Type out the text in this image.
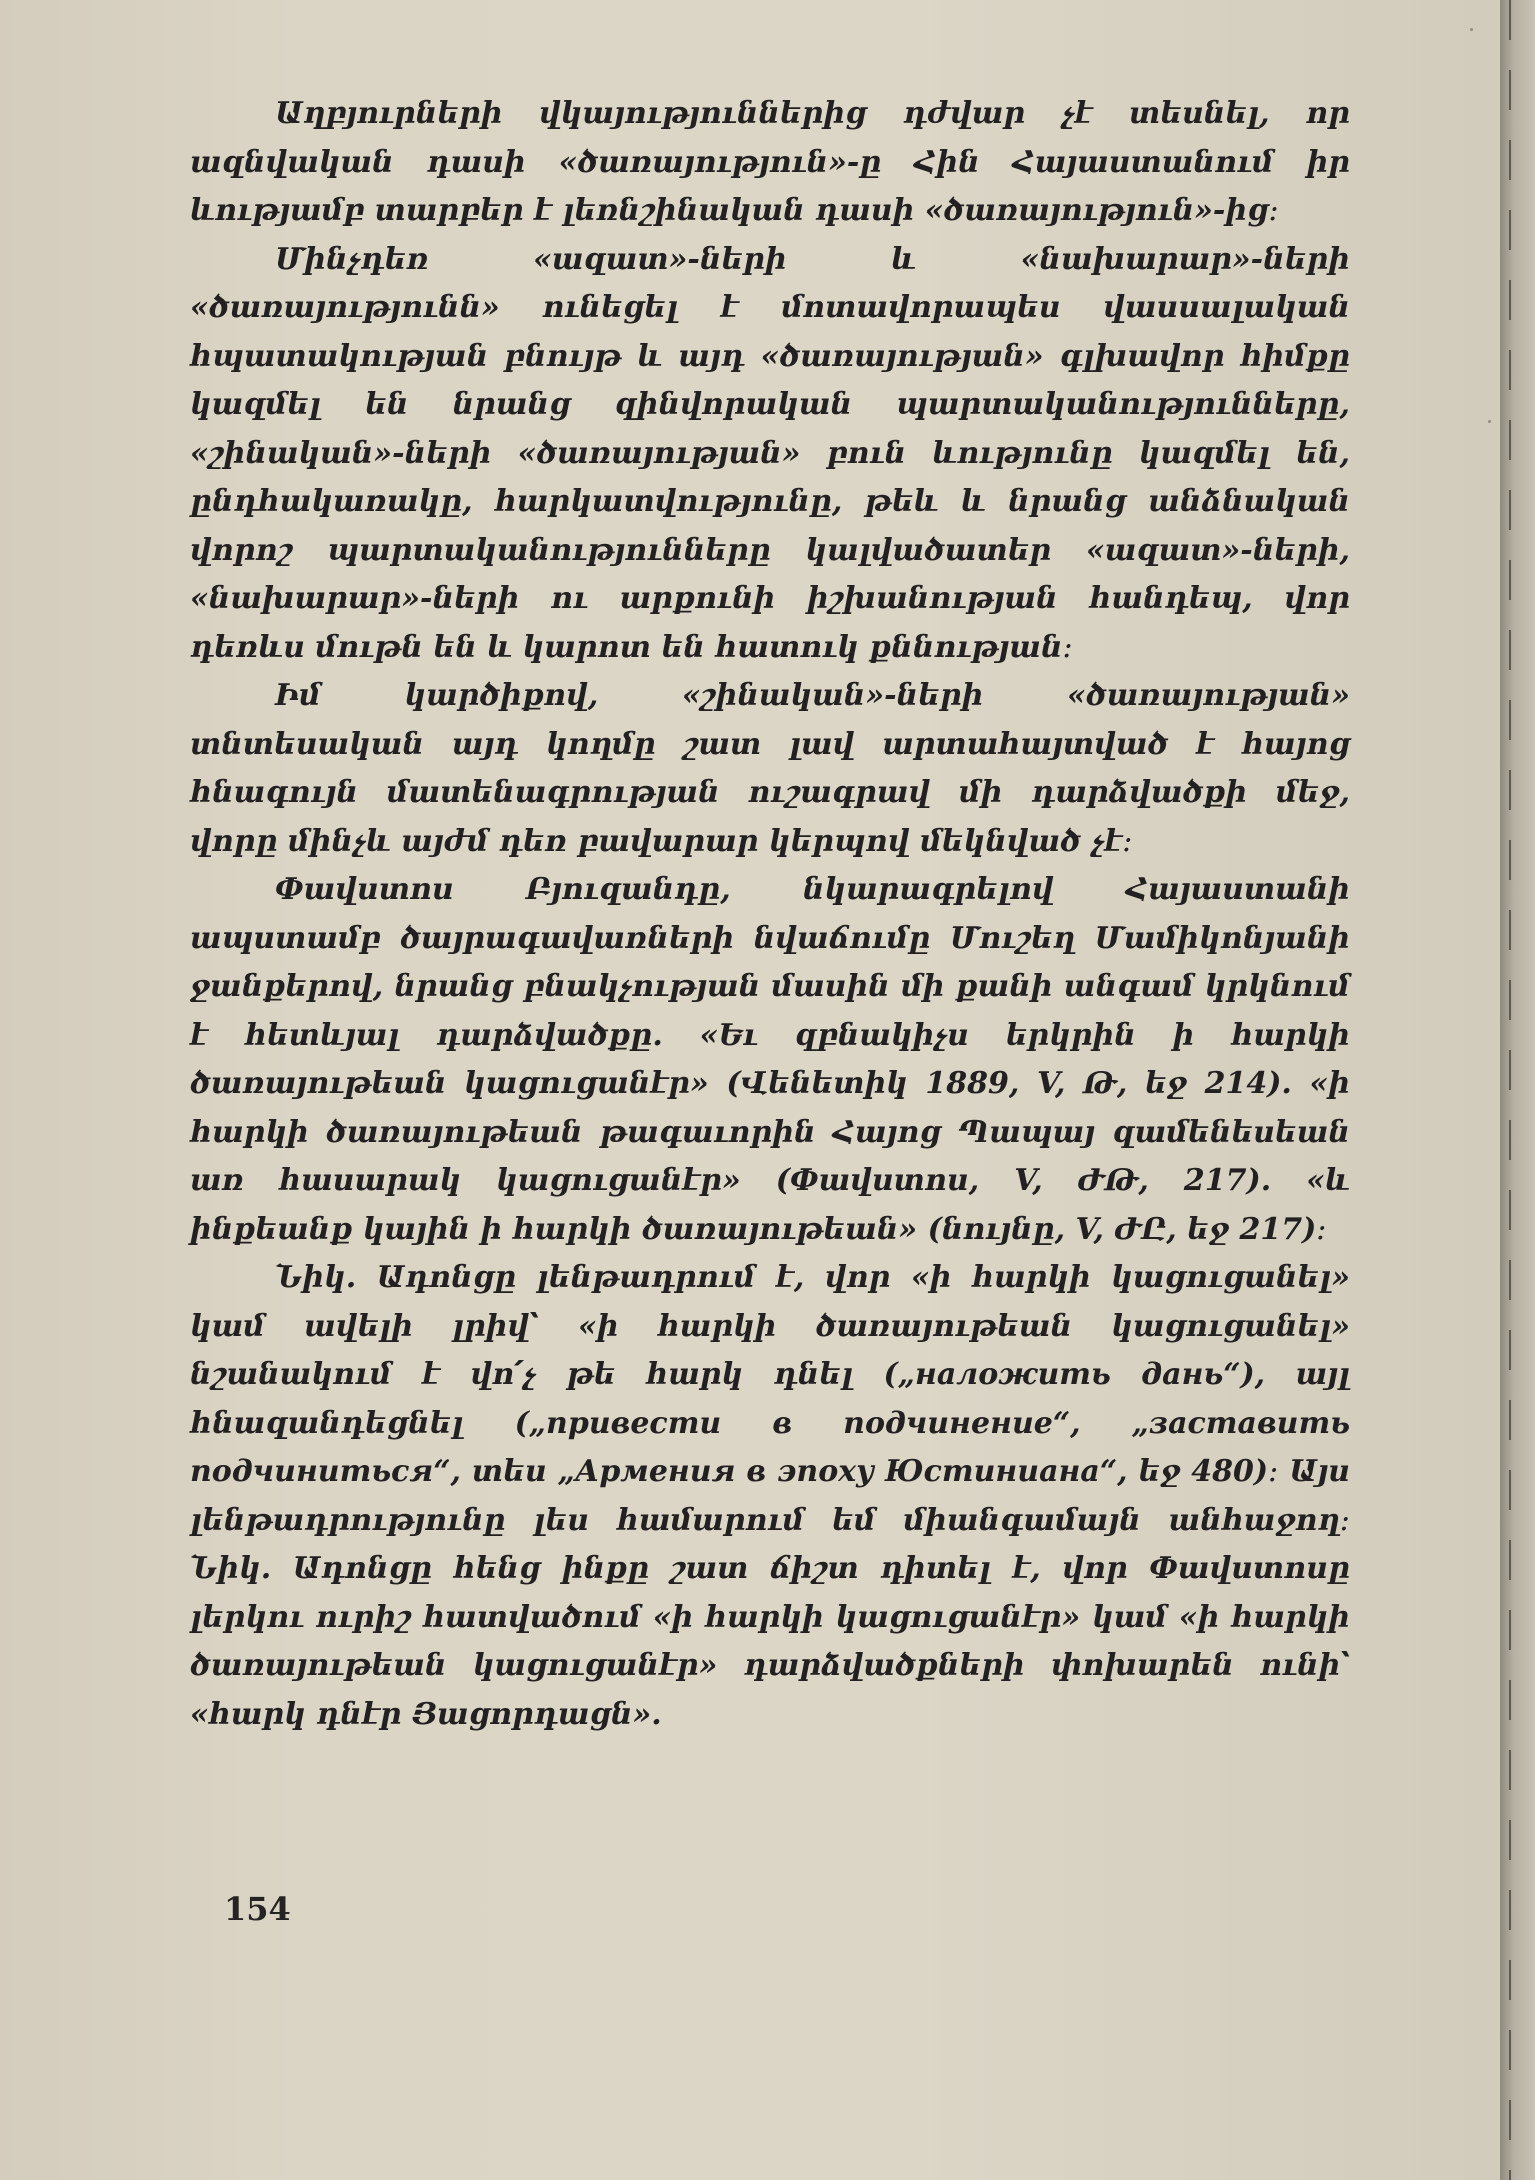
Աղբյուրների վկայություններից դժվար չէ տեսնել, որ ազնվական դասի «ծառայություն»-ը Հին Հայաստանում իր ևությամբ տարբեր է լեռնշինական դասի «ծառայություն»-ից։

Մինչդեռ «ազատ»-ների և «նախարար»-ների «ծառայությունն» ունեցել է մոտավորապես վասսալական հպատակության բնույթ և այդ «ծառայության» գլխավոր հիմքը կազմել են նրանց զինվորական պարտականությունները, «շինական»-ների «ծառայության» բուն ևությունը կազմել են, ընդհակառակը, հարկատվությունը, թեև և նրանց անձնական վորոշ պարտականությունները կալվածատեր «ազատ»-ների, «նախարար»-ների ու արքունի իշխանության հանդեպ, վոր դեռևս մութն են և կարոտ են հատուկ քննության։

Իմ կարծիքով, «շինական»-ների «ծառայության» տնտեսական այդ կողմը շատ լավ արտահայտված է հայոց հնագույն մատենագրության ուշագրավ մի դարձվածքի մեջ, վորը մինչև այժմ դեռ բավարար կերպով մեկնված չէ։

Փավստոս Բյուզանդը, նկարագրելով Հայաստանի ապստամբ ծայրագավառների նվաճումը Մուշեղ Մամիկոնյանի ջանքերով, նրանց բնակչության մասին մի քանի անգամ կրկնում է հետևյալ դարձվածքը. «Եւ զբնակիչս երկրին ի հարկի ծառայութեան կացուցանէր» (Վենետիկ 1889, V, Թ, եջ 214)․ «ի հարկի ծառայութեան թագաւորին Հայոց Պապայ զամենեսեան առ հասարակ կացուցանէր» (Փավստոս, V, ԺԹ, 217)․ «և ինքեանք կային ի հարկի ծառայութեան» (նույնը, V, ԺԸ, եջ 217)։

Նիկ. Ադոնցը լենթադրում է, վոր «ի հարկի կացուցանել» կամ ավելի լրիվ՝ «ի հարկի ծառայութեան կացուցանել» նշանակում է վո՛չ թե հարկ դնել („наложить дань“), այլ հնազանդեցնել („привести в подчинение“, „заставить подчиниться“, տես „Армения в эпоху Юстиниана“, եջ 480)։ Այս լենթադրությունը լես համարում եմ միանգամայն անհաջող։ Նիկ. Ադոնցը հենց ինքը շատ ճիշտ դիտել է, վոր Փավստոսը լերկու ուրիշ հատվածում «ի հարկի կացուցանէր» կամ «ի հարկի ծառայութեան կացուցանէր» դարձվածքների փոխարեն ունի՝ «հարկ դնէր Յացորդացն».

154
